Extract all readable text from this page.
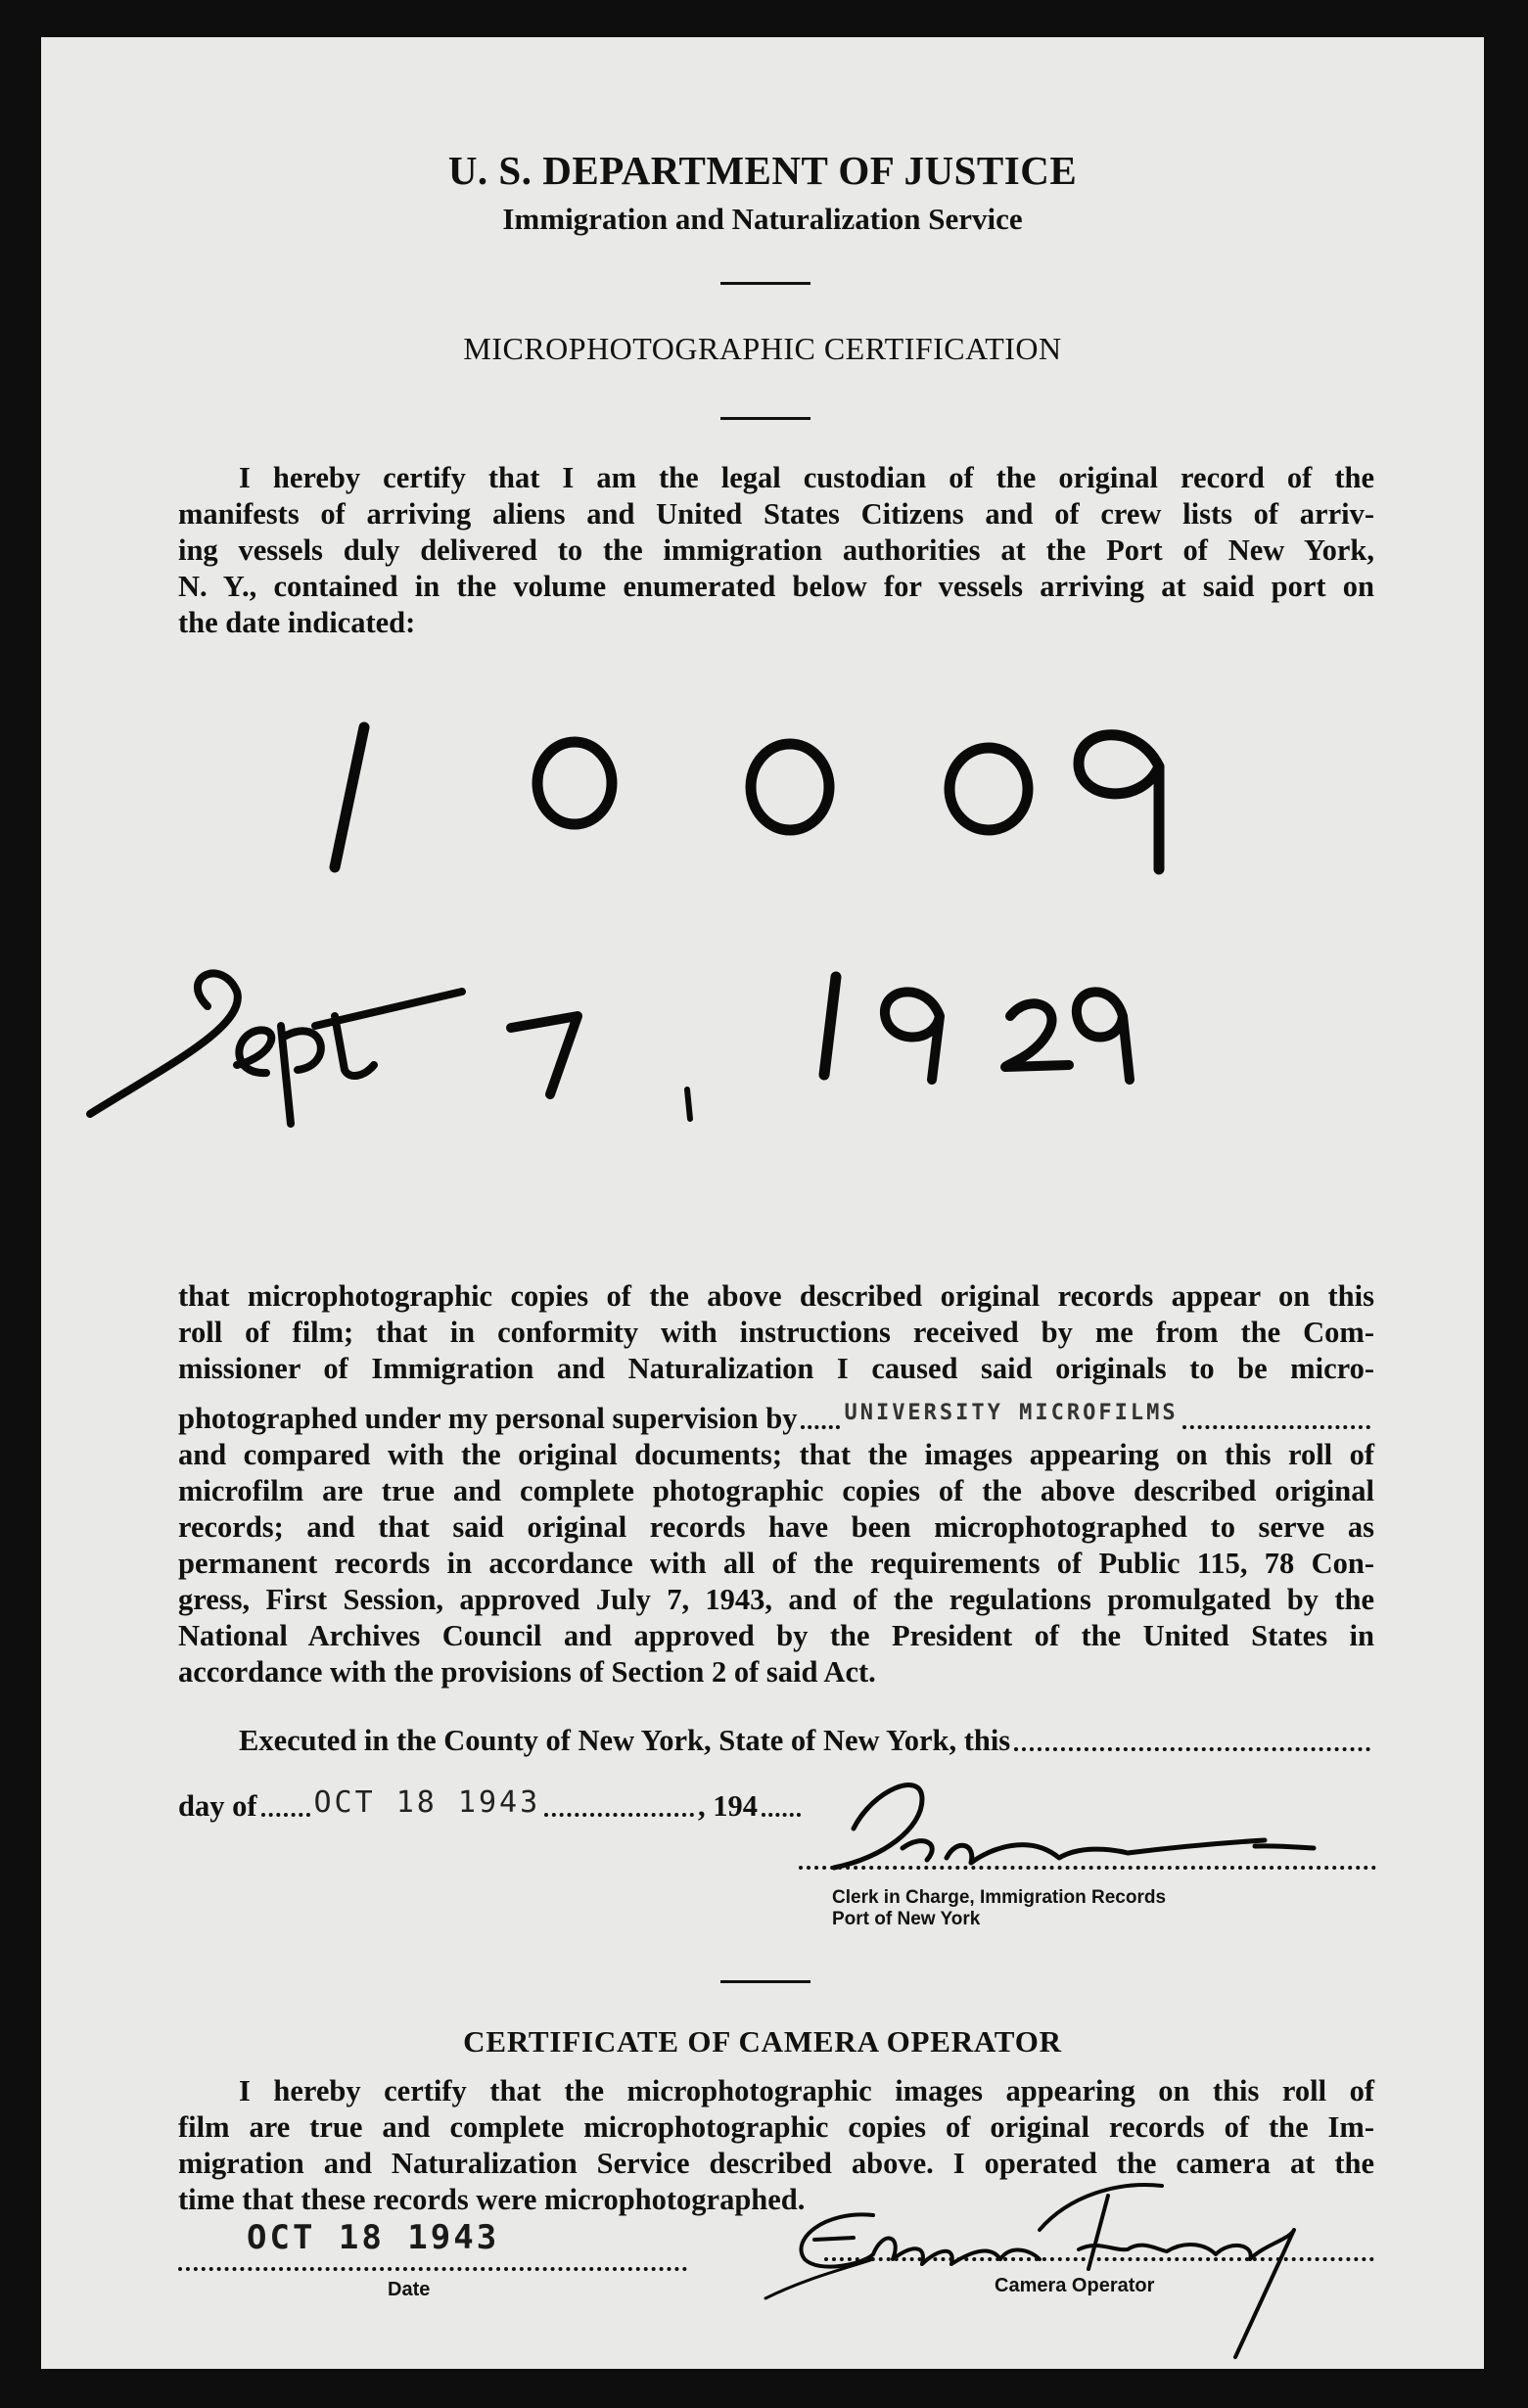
U. S. DEPARTMENT OF JUSTICE
Immigration and Naturalization Service
MICROPHOTOGRAPHIC CERTIFICATION
I hereby certify that I am the legal custodian of the original record of the
manifests of arriving aliens and United States Citizens and of crew lists of arriv-
ing vessels duly delivered to the immigration authorities at the Port of New York,
N. Y., contained in the volume enumerated below for vessels arriving at said port on
the date indicated:
that microphotographic copies of the above described original records appear on this
roll of film; that in conformity with instructions received by me from the Com-
missioner of Immigration and Naturalization I caused said originals to be micro-
photographed under my personal supervision by UNIVERSITY MICROFILMS
and compared with the original documents; that the images appearing on this roll of
microfilm are true and complete photographic copies of the above described original
records; and that said original records have been microphotographed to serve as
permanent records in accordance with all of the requirements of Public 115, 78 Con-
gress, First Session, approved July 7, 1943, and of the regulations promulgated by the
National Archives Council and approved by the President of the United States in
accordance with the provisions of Section 2 of said Act.
Executed in the County of New York, State of New York, this
day of OCT 18 1943	, 194
Clerk in Charge, Immigration Records
Port of New York
CERTIFICATE OF CAMERA OPERATOR
I hereby certify that the microphotographic images appearing on this roll of
film are true and complete microphotographic copies of original records of the Im-
migration and Naturalization Service described above. I operated the camera at the
time that these records were microphotographed.
OCT 18 1943
Date	Camera Operator
